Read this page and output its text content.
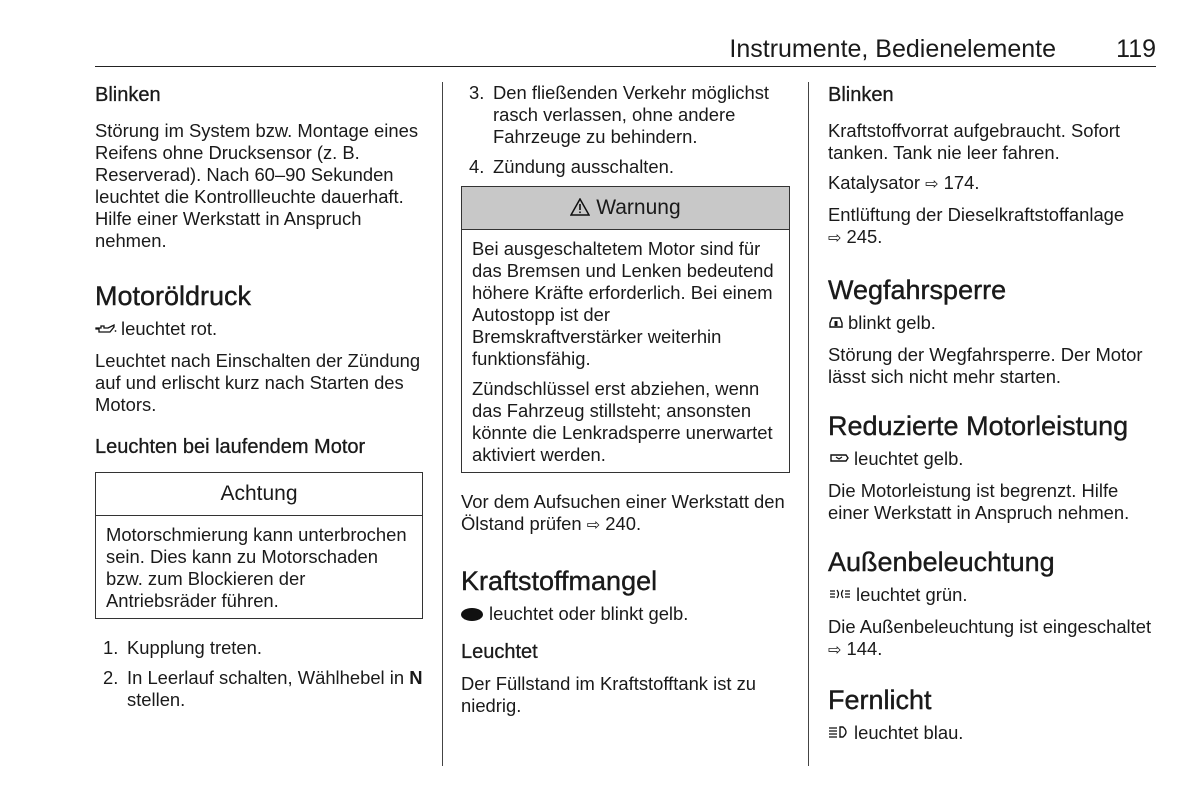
Instrumente, Bedienelemente 119
Blinken

Störung im System bzw. Montage eines Reifens ohne Drucksensor (z. B. Reserverad). Nach 60–90 Sekunden leuchtet die Kontrollleuchte dauerhaft. Hilfe einer Werkstatt in Anspruch nehmen.

Motoröldruck

leuchtet rot.

Leuchtet nach Einschalten der Zündung auf und erlischt kurz nach Starten des Motors.

Leuchten bei laufendem Motor
Achtung

Motorschmierung kann unterbrochen sein. Dies kann zu Motorschaden bzw. zum Blockieren der Antriebsräder führen.

1. Kupplung treten.
2. In Leerlauf schalten, Wählhebel in N stellen.
3. Den fließenden Verkehr möglichst rasch verlassen, ohne andere Fahrzeuge zu behindern.
4. Zündung ausschalten.
Warnung

Bei ausgeschaltetem Motor sind für das Bremsen und Lenken bedeutend höhere Kräfte erforderlich. Bei einem Autostopp ist der Bremskraftverstärker weiterhin funktionsfähig.

Zündschlüssel erst abziehen, wenn das Fahrzeug stillsteht; ansonsten könnte die Lenkradsperre unerwartet aktiviert werden.

Vor dem Aufsuchen einer Werkstatt den Ölstand prüfen ⇨ 240.

Kraftstoffmangel

leuchtet oder blinkt gelb.

Leuchtet

Der Füllstand im Kraftstofftank ist zu niedrig.

Blinken

Kraftstoffvorrat aufgebraucht. Sofort tanken. Tank nie leer fahren.

Katalysator ⇨ 174.

Entlüftung der Dieselkraftstoffanlage
⇨ 245.

Wegfahrsperre

blinkt gelb.

Störung der Wegfahrsperre. Der Motor lässt sich nicht mehr starten.

Reduzierte Motorleistung

leuchtet gelb.

Die Motorleistung ist begrenzt. Hilfe einer Werkstatt in Anspruch nehmen.

Außenbeleuchtung

leuchtet grün.

Die Außenbeleuchtung ist eingeschaltet ⇨ 144.

Fernlicht

leuchtet blau.
